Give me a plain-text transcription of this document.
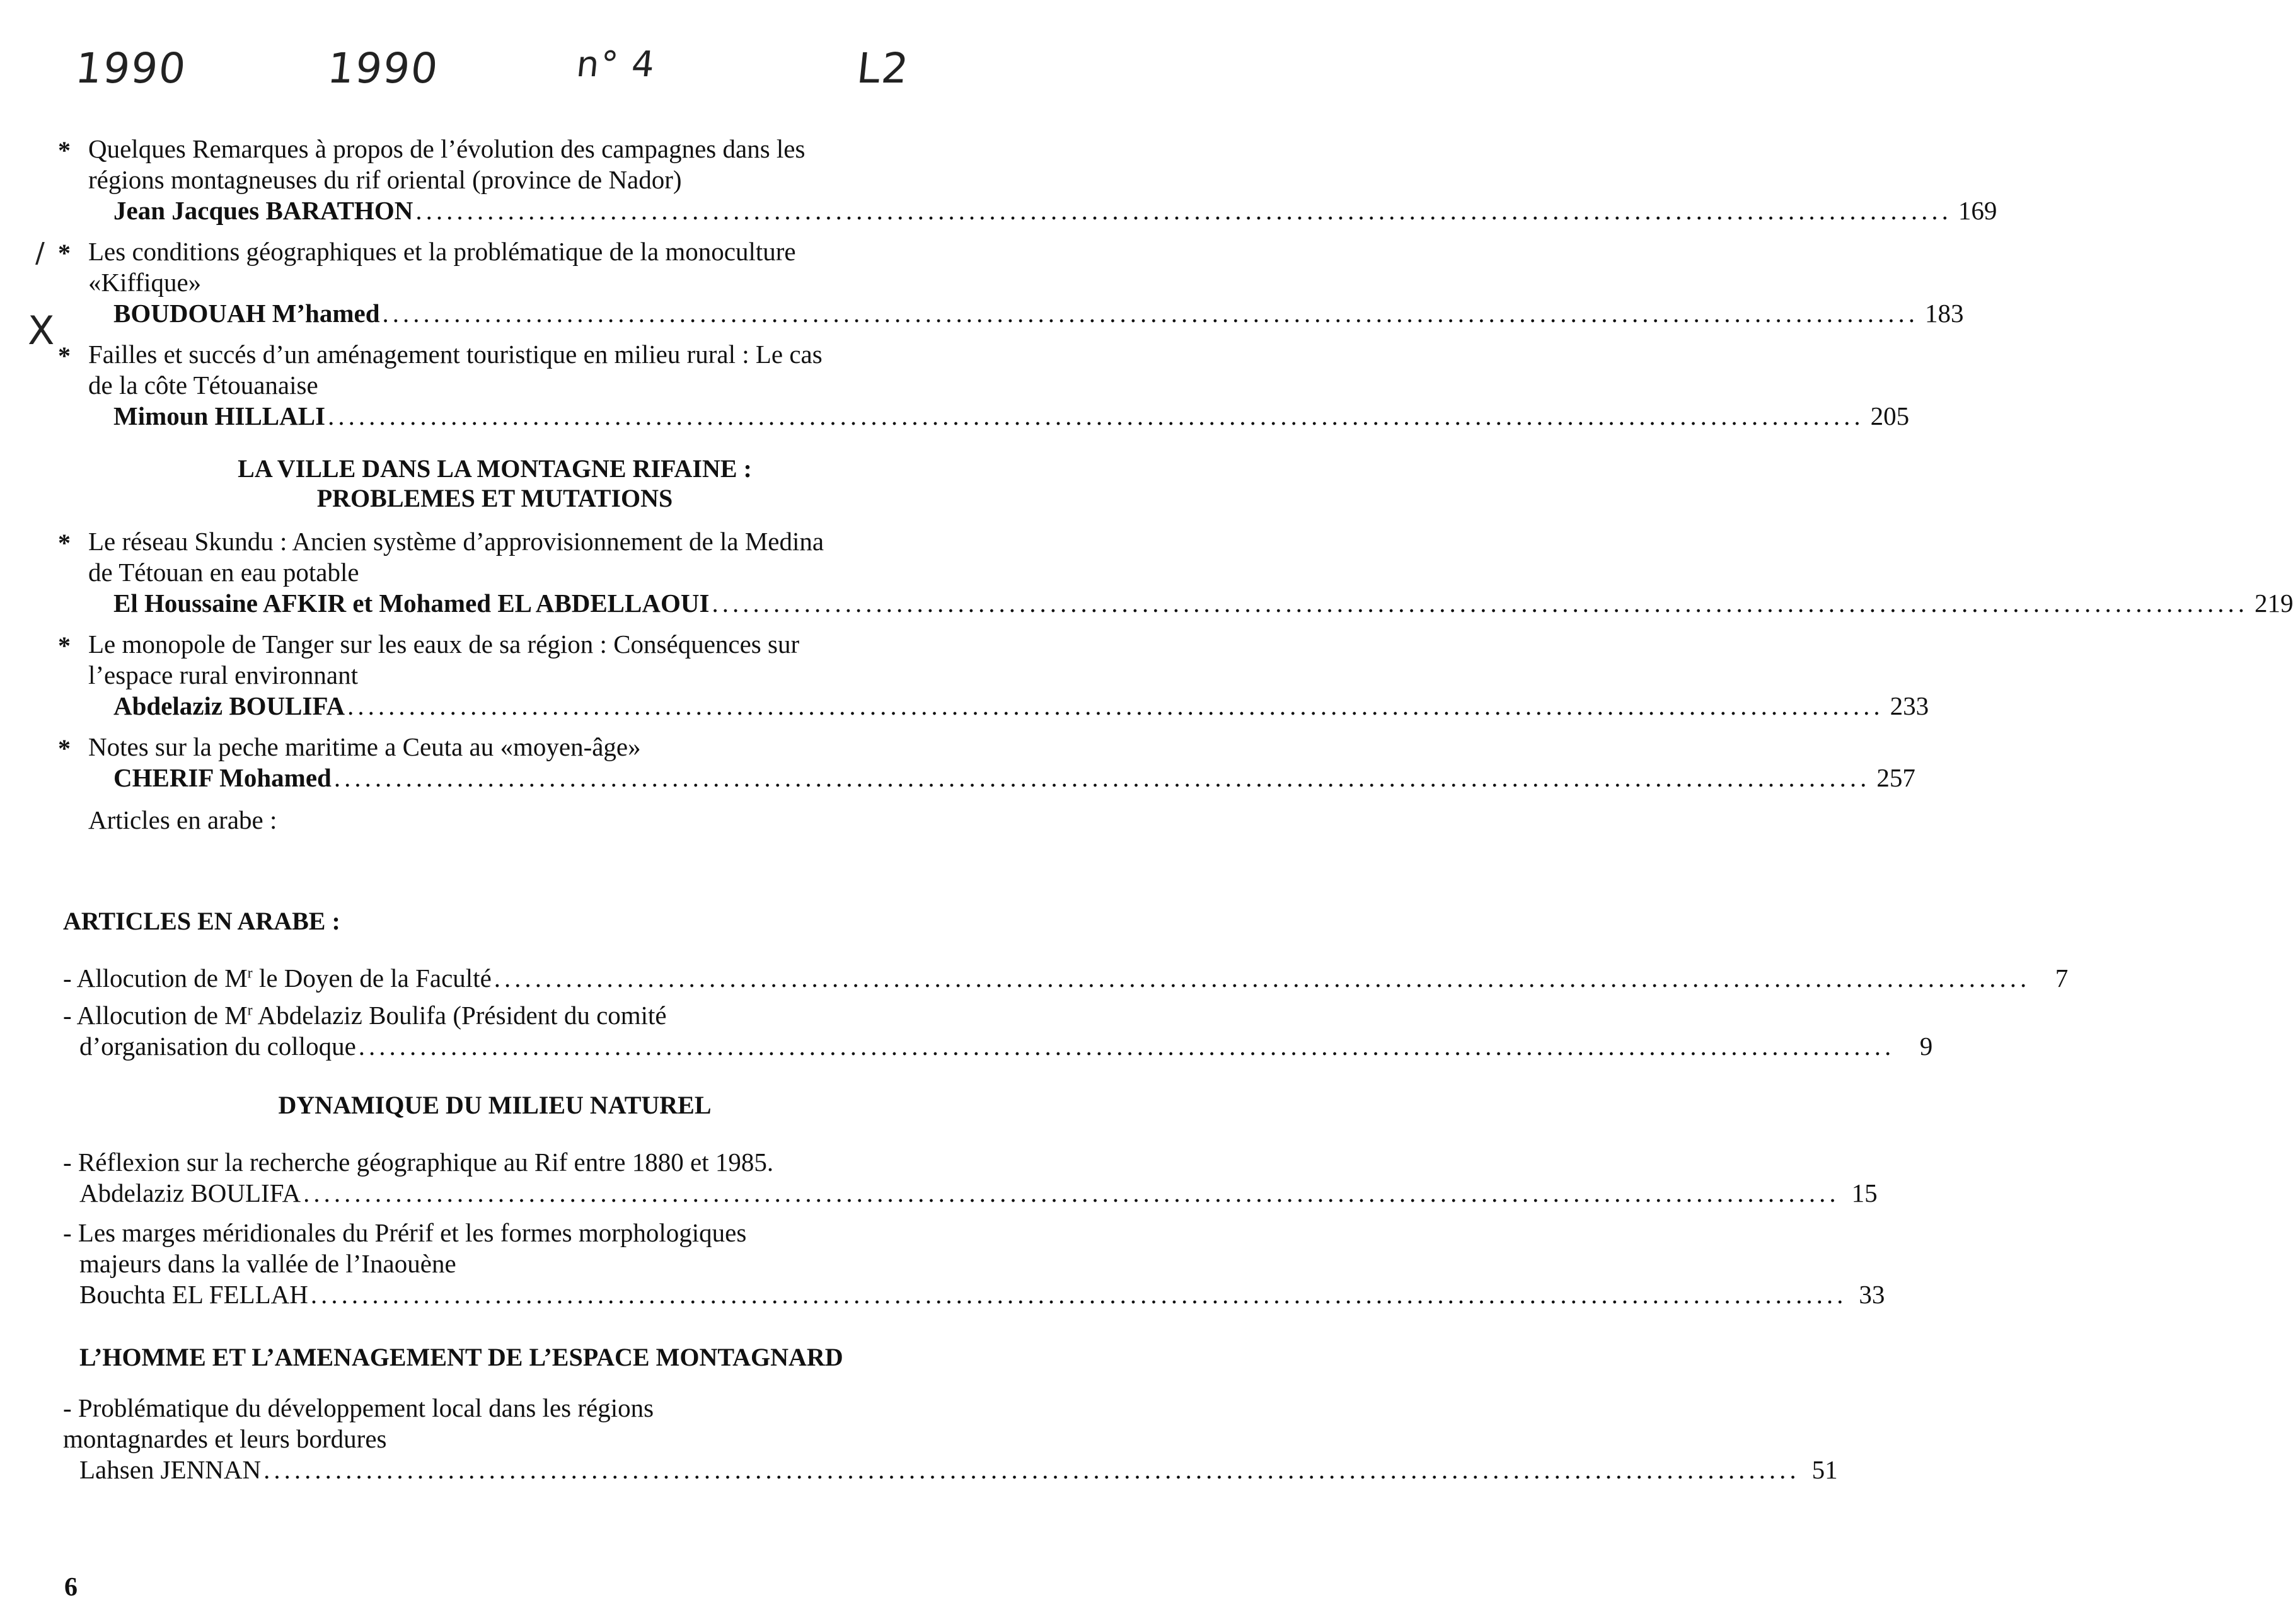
1990	1990	n° 4	L2
/
X
* Quelques Remarques à propos de l’évolution des campagnes dans les
régions montagneuses du rif oriental (province de Nador)
Jean Jacques BARATHON ...................................................................................................................................................... 169
* Les conditions géographiques et la problématique de la monoculture
«Kiffique»
BOUDOUAH M’hamed ...................................................................................................................................................... 183
* Failles et succés d’un aménagement touristique en milieu rural : Le cas
de la côte Tétouanaise
Mimoun HILLALI ...................................................................................................................................................... 205
LA VILLE DANS LA MONTAGNE RIFAINE :
PROBLEMES ET MUTATIONS
* Le réseau Skundu : Ancien système d’approvisionnement de la Medina
de Tétouan en eau potable
El Houssaine AFKIR et Mohamed EL ABDELLAOUI ...................................................................................................................................................... 219
* Le monopole de Tanger sur les eaux de sa région : Conséquences sur
l’espace rural environnant
Abdelaziz BOULIFA ...................................................................................................................................................... 233
* Notes sur la peche maritime a Ceuta au «moyen-âge»
CHERIF Mohamed ...................................................................................................................................................... 257
Articles en arabe :
ARTICLES EN ARABE :
- Allocution de $M^r$ le Doyen de la Faculté ...................................................................................................................................................... 7
- Allocution de $M^r$ Abdelaziz Boulifa (Président du comité
d’organisation du colloque ...................................................................................................................................................... 9
DYNAMIQUE DU MILIEU NATUREL
- Réflexion sur la recherche géographique au Rif entre 1880 et 1985.
Abdelaziz BOULIFA ...................................................................................................................................................... 15
- Les marges méridionales du Prérif et les formes morphologiques
majeurs dans la vallée de l’Inaouène
Bouchta EL FELLAH ...................................................................................................................................................... 33
L’HOMME ET L’AMENAGEMENT DE L’ESPACE MONTAGNARD
- Problématique du développement local dans les régions
montagnardes et leurs bordures
Lahsen JENNAN ...................................................................................................................................................... 51
6
